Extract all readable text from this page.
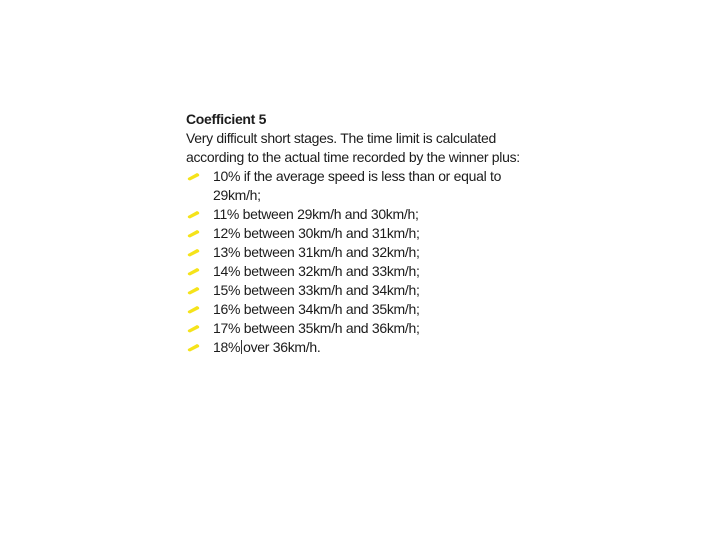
Coefficient 5

Very difficult short stages. The time limit is calculated according to the actual time recorded by the winner plus:

10% if the average speed is less than or equal to 29km/h;
11% between 29km/h and 30km/h;
12% between 30km/h and 31km/h;
13% between 31km/h and 32km/h;
14% between 32km/h and 33km/h;
15% between 33km/h and 34km/h;
16% between 34km/h and 35km/h;
17% between 35km/h and 36km/h;
18% over 36km/h.
